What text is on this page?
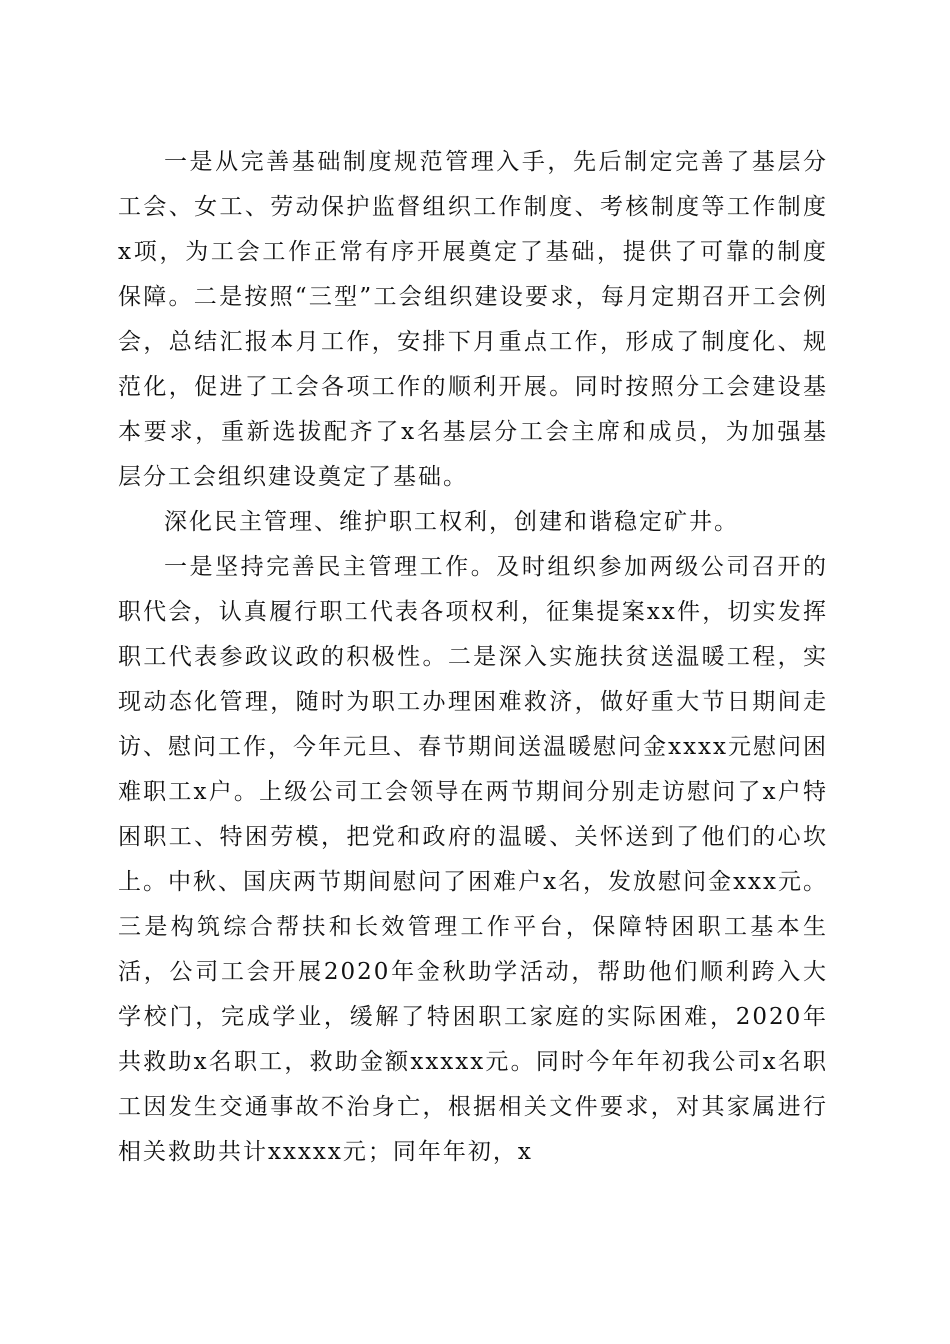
一是从完善基础制度规范管理入手，先后制定完善了基层分工会、女工、劳动保护监督组织工作制度、考核制度等工作制度x项，为工会工作正常有序开展奠定了基础，提供了可靠的制度保障。二是按照“三型”工会组织建设要求，每月定期召开工会例会，总结汇报本月工作，安排下月重点工作，形成了制度化、规范化，促进了工会各项工作的顺利开展。同时按照分工会建设基本要求，重新选拔配齐了x名基层分工会主席和成员，为加强基层分工会组织建设奠定了基础。

深化民主管理、维护职工权利，创建和谐稳定矿井。

一是坚持完善民主管理工作。及时组织参加两级公司召开的职代会，认真履行职工代表各项权利，征集提案xx件，切实发挥职工代表参政议政的积极性。二是深入实施扶贫送温暖工程，实现动态化管理，随时为职工办理困难救济，做好重大节日期间走访、慰问工作，今年元旦、春节期间送温暖慰问金xxxx元慰问困难职工x户。上级公司工会领导在两节期间分别走访慰问了x户特困职工、特困劳模，把党和政府的温暖、关怀送到了他们的心坎上。中秋、国庆两节期间慰问了困难户x名，发放慰问金xxx元。三是构筑综合帮扶和长效管理工作平台，保障特困职工基本生活，公司工会开展2020年金秋助学活动，帮助他们顺利跨入大学校门，完成学业，缓解了特困职工家庭的实际困难，2020年共救助x名职工，救助金额xxxxx元。同时今年年初我公司x名职工因发生交通事故不治身亡，根据相关文件要求，对其家属进行相关救助共计xxxxx元；同年年初，x
